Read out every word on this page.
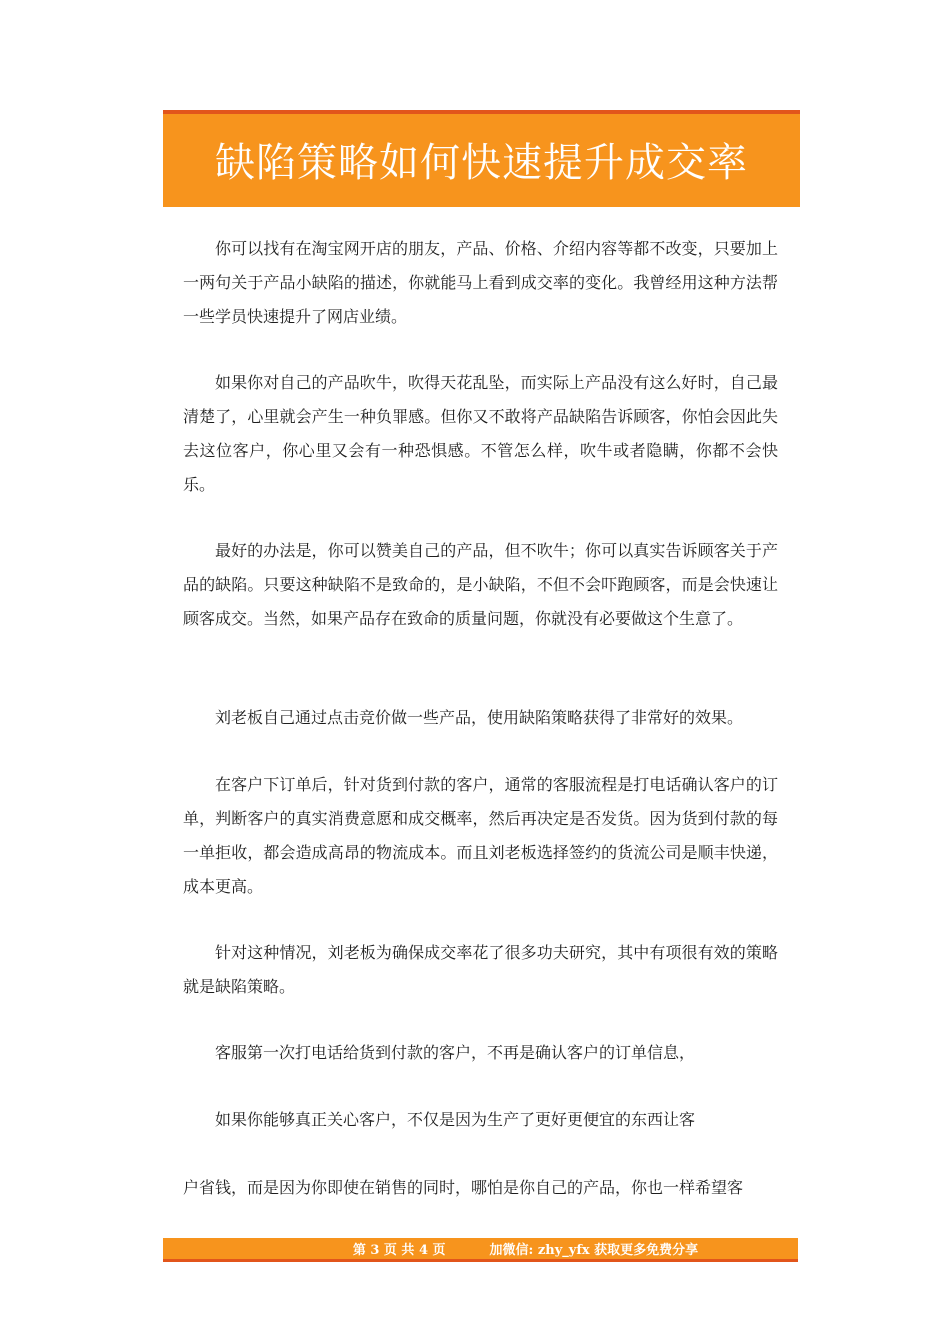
缺陷策略如何快速提升成交率

你可以找有在淘宝网开店的朋友，产品、价格、介绍内容等都不改变，只要加上一两句关于产品小缺陷的描述，你就能马上看到成交率的变化。我曾经用这种方法帮一些学员快速提升了网店业绩。

如果你对自己的产品吹牛，吹得天花乱坠，而实际上产品没有这么好时，自己最清楚了，心里就会产生一种负罪感。但你又不敢将产品缺陷告诉顾客，你怕会因此失去这位客户，你心里又会有一种恐惧感。不管怎么样，吹牛或者隐瞒，你都不会快乐。

最好的办法是，你可以赞美自己的产品，但不吹牛；你可以真实告诉顾客关于产品的缺陷。只要这种缺陷不是致命的，是小缺陷，不但不会吓跑顾客，而是会快速让顾客成交。当然，如果产品存在致命的质量问题，你就没有必要做这个生意了。

刘老板自己通过点击竞价做一些产品，使用缺陷策略获得了非常好的效果。

在客户下订单后，针对货到付款的客户，通常的客服流程是打电话确认客户的订单，判断客户的真实消费意愿和成交概率，然后再决定是否发货。因为货到付款的每一单拒收，都会造成高昂的物流成本。而且刘老板选择签约的货流公司是顺丰快递，成本更高。

针对这种情况，刘老板为确保成交率花了很多功夫研究，其中有项很有效的策略就是缺陷策略。

客服第一次打电话给货到付款的客户，不再是确认客户的订单信息，

如果你能够真正关心客户，不仅是因为生产了更好更便宜的东西让客

户省钱，而是因为你即使在销售的同时，哪怕是你自己的产品，你也一样希望客

第 3 页 共 4 页	加微信: zhy_yfx 获取更多免费分享
